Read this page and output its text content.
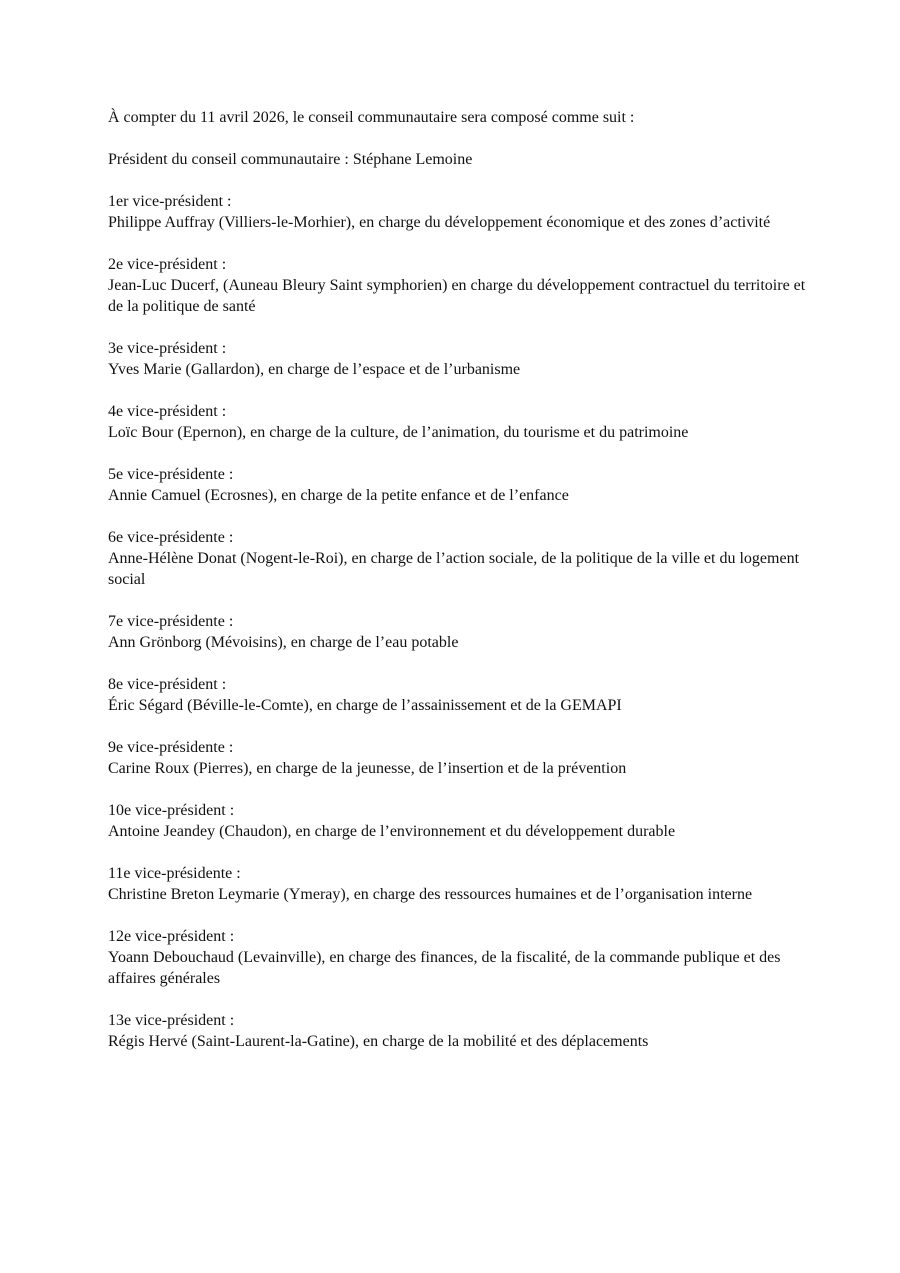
À compter du 11 avril 2026, le conseil communautaire sera composé comme suit :

Président du conseil communautaire : Stéphane Lemoine

1er vice-président :
Philippe Auffray (Villiers-le-Morhier), en charge du développement économique et des zones d’activité
2e vice-président :
Jean-Luc Ducerf, (Auneau Bleury Saint symphorien) en charge du développement contractuel du territoire et de la politique de santé
3e vice-président :
Yves Marie (Gallardon), en charge de l’espace et de l’urbanisme
4e vice-président :
Loïc Bour (Epernon), en charge de la culture, de l’animation, du tourisme et du patrimoine
5e vice-présidente :
Annie Camuel (Ecrosnes), en charge de la petite enfance et de l’enfance
6e vice-présidente :
Anne-Hélène Donat (Nogent-le-Roi), en charge de l’action sociale, de la politique de la ville et du logement social
7e vice-présidente :
Ann Grönborg (Mévoisins), en charge de l’eau potable
8e vice-président :
Éric Ségard (Béville-le-Comte), en charge de l’assainissement et de la GEMAPI
9e vice-présidente :
Carine Roux (Pierres), en charge de la jeunesse, de l’insertion et de la prévention
10e vice-président :
Antoine Jeandey (Chaudon), en charge de l’environnement et du développement durable
11e vice-présidente :
Christine Breton Leymarie (Ymeray), en charge des ressources humaines et de l’organisation interne
12e vice-président :
Yoann Debouchaud (Levainville), en charge des finances, de la fiscalité, de la commande publique et des affaires générales
13e vice-président :
Régis Hervé (Saint-Laurent-la-Gatine), en charge de la mobilité et des déplacements
